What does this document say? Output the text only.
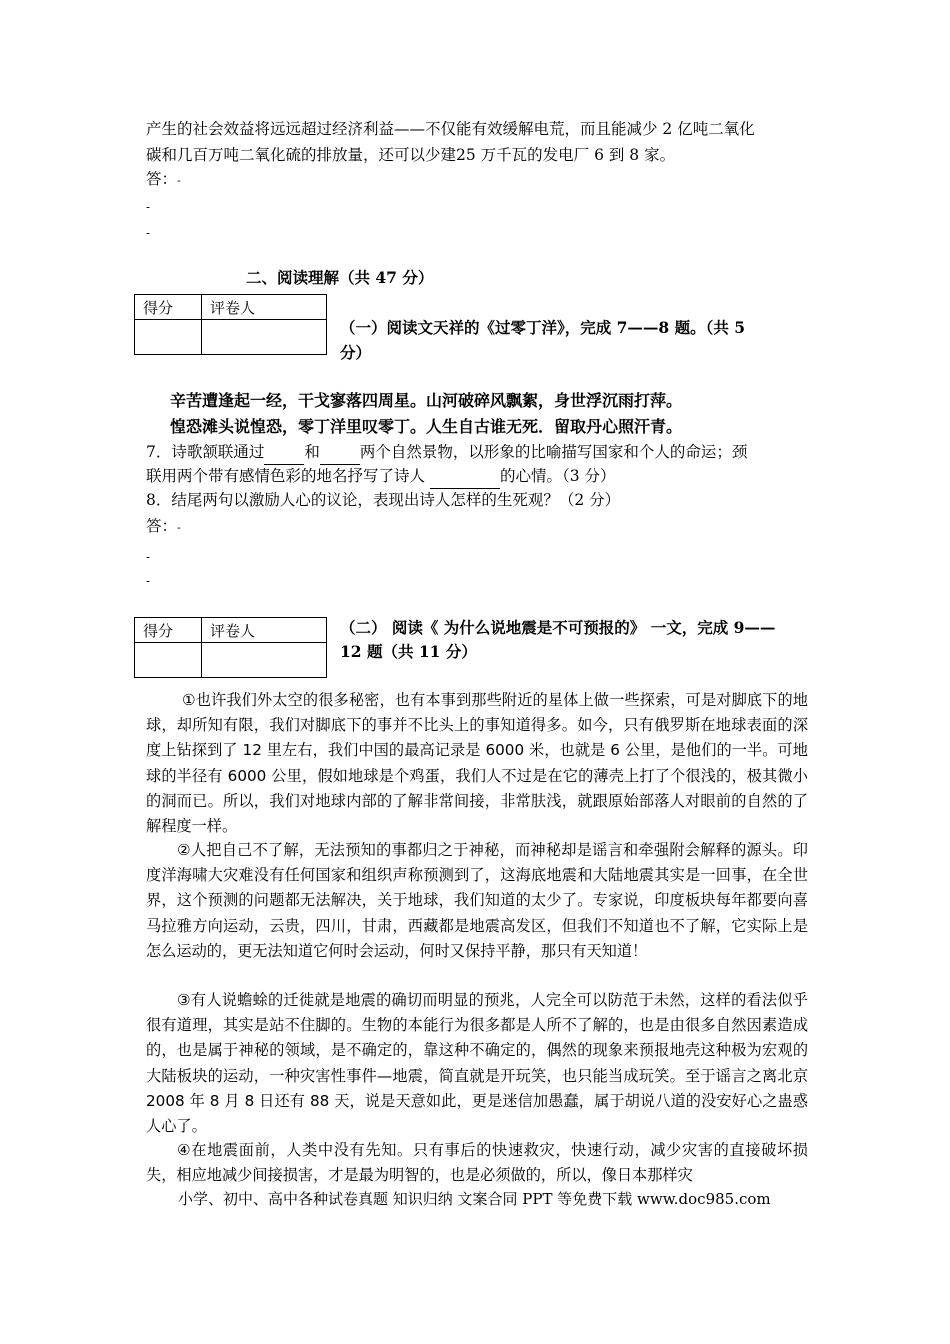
产生的社会效益将远远超过经济利益——不仅能有效缓解电荒，而且能减少 2 亿吨二氧化
碳和几百万吨二氧化硫的排放量，还可以少建25 万千瓦的发电厂 6 到 8 家。
答：-
-
-
二、阅读理解（共 47 分）
得分	评卷人

（一）阅读文天祥的《过零丁洋》，完成 7——8 题。（共 5
分）
辛苦遭逢起一经，干戈寥落四周星。山河破碎风飘絮，身世浮沉雨打萍。
惶恐滩头说惶恐，零丁洋里叹零丁。人生自古谁无死．留取丹心照汗青。
7．诗歌颔联通过	和	两个自然景物，以形象的比喻描写国家和个人的命运；颈
联用两个带有感情色彩的地名抒写了诗人	的心情。（3 分）
8．结尾两句以激励人心的议论，表现出诗人怎样的生死观？（2 分）
答：-
-
-
得分	评卷人
		（二） 阅读《 为什么说地震是不可预报的》 一文，完成 9——
12 题（共 11 分）
①也许我们外太空的很多秘密，也有本事到那些附近的星体上做一些探索，可是对脚底下的地球，却所知有限，我们对脚底下的事并不比头上的事知道得多。如今，只有俄罗斯在地球表面的深度上钻探到了 12 里左右，我们中国的最高记录是 6000 米，也就是 6 公里，是他们的一半。可地球的半径有 6000 公里，假如地球是个鸡蛋，我们人不过是在它的薄壳上打了个很浅的，极其微小的洞而已。所以，我们对地球内部的了解非常间接，非常肤浅，就跟原始部落人对眼前的自然的了解程度一样。
②人把自己不了解，无法预知的事都归之于神秘，而神秘却是谣言和牵强附会解释的源头。印度洋海啸大灾难没有任何国家和组织声称预测到了，这海底地震和大陆地震其实是一回事，在全世界，这个预测的问题都无法解决，关于地球，我们知道的太少了。专家说，印度板块每年都要向喜马拉雅方向运动，云贵，四川，甘肃，西藏都是地震高发区，但我们不知道也不了解，它实际上是怎么运动的，更无法知道它何时会运动，何时又保持平静，那只有天知道！
③有人说蟾蜍的迁徙就是地震的确切而明显的预兆，人完全可以防范于未然，这样的看法似乎很有道理，其实是站不住脚的。生物的本能行为很多都是人所不了解的，也是由很多自然因素造成的，也是属于神秘的领域，是不确定的，靠这种不确定的，偶然的现象来预报地壳这种极为宏观的大陆板块的运动，一种灾害性事件—地震，简直就是开玩笑，也只能当成玩笑。至于谣言之离北京 2008 年 8 月 8 日还有 88 天，说是天意如此，更是迷信加愚蠢，属于胡说八道的没安好心之蛊惑人心了。
④在地震面前，人类中没有先知。只有事后的快速救灾，快速行动，减少灾害的直接破坏损失，相应地减少间接损害，才是最为明智的，也是必须做的，所以，像日本那样灾
小学、初中、高中各种试卷真题 知识归纳 文案合同 PPT 等免费下载 www.doc985.com
